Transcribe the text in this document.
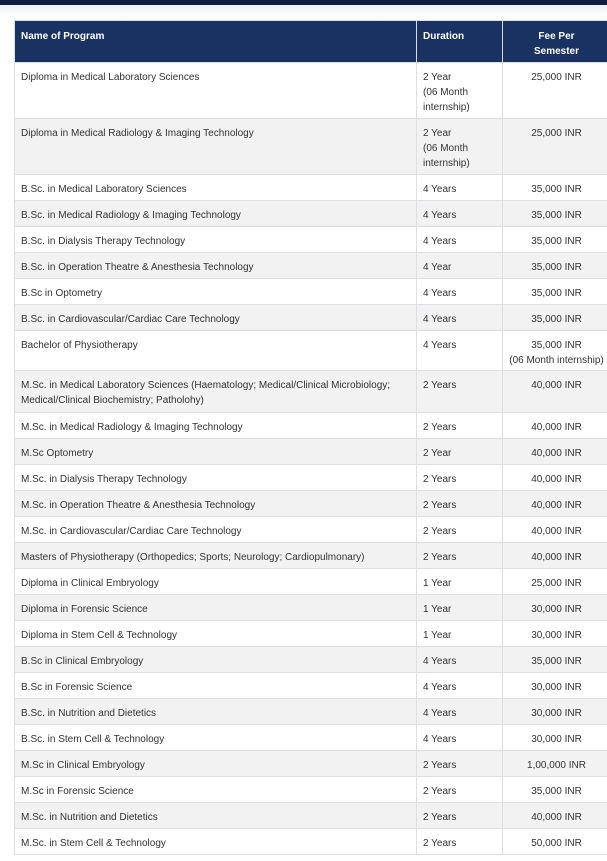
Name of Program	Duration	Fee Per
Semester

Diploma in Medical Laboratory Sciences	2 Year
(06 Month
internship)	25,000 INR
Diploma in Medical Radiology & Imaging Technology	2 Year
(06 Month
internship)	25,000 INR
B.Sc. in Medical Laboratory Sciences	4 Years	35,000 INR
B.Sc. in Medical Radiology & Imaging Technology	4 Years	35,000 INR
B.Sc. in Dialysis Therapy Technology	4 Years	35,000 INR
B.Sc. in Operation Theatre & Anesthesia Technology	4 Year	35,000 INR
B.Sc in Optometry	4 Years	35,000 INR
B.Sc. in Cardiovascular/Cardiac Care Technology	4 Years	35,000 INR
Bachelor of Physiotherapy	4 Years	35,000 INR
(06 Month internship)

M.Sc. in Medical Laboratory Sciences (Haematology; Medical/Clinical Microbiology;
Medical/Clinical Biochemistry; Patholohy)	2 Years	40,000 INR
M.Sc. in Medical Radiology & Imaging Technology	2 Years	40,000 INR
M.Sc Optometry	2 Year	40,000 INR
M.Sc. in Dialysis Therapy Technology	2 Years	40,000 INR
M.Sc. in Operation Theatre & Anesthesia Technology	2 Years	40,000 INR
M.Sc. in Cardiovascular/Cardiac Care Technology	2 Years	40,000 INR
Masters of Physiotherapy (Orthopedics; Sports; Neurology; Cardiopulmonary)	2 Years	40,000 INR
Diploma in Clinical Embryology	1 Year	25,000 INR
Diploma in Forensic Science	1 Year	30,000 INR
Diploma in Stem Cell & Technology	1 Year	30,000 INR
B.Sc in Clinical Embryology	4 Years	35,000 INR
B.Sc in Forensic Science	4 Years	30,000 INR
B.Sc. in Nutrition and Dietetics	4 Years	30,000 INR
B.Sc. in Stem Cell & Technology	4 Years	30,000 INR
M.Sc in Clinical Embryology	2 Years	1,00,000 INR
M.Sc in Forensic Science	2 Years	35,000 INR
M.Sc. in Nutrition and Dietetics	2 Years	40,000 INR
M.Sc. in Stem Cell & Technology	2 Years	50,000 INR
